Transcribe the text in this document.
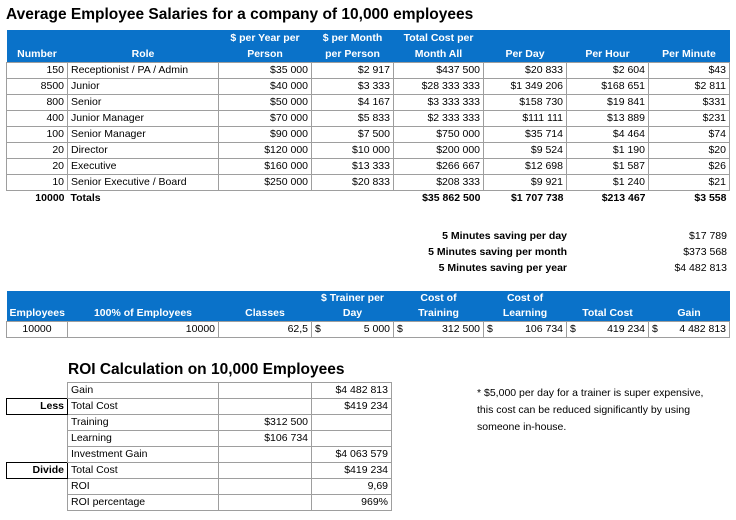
Average Employee Salaries for a company of 10,000 employees
		$ per Year per	$ per Month	Total Cost per			
Number	Role	Person	per Person	Month All	Per Day	Per Hour	Per Minute
150	Receptionist / PA / Admin	$35 000	$2 917	$437 500	$20 833	$2 604	$43
8500	Junior	$40 000	$3 333	$28 333 333	$1 349 206	$168 651	$2 811
800	Senior	$50 000	$4 167	$3 333 333	$158 730	$19 841	$331
400	Junior Manager	$70 000	$5 833	$2 333 333	$111 111	$13 889	$231
100	Senior Manager	$90 000	$7 500	$750 000	$35 714	$4 464	$74
20	Director	$120 000	$10 000	$200 000	$9 524	$1 190	$20
20	Executive	$160 000	$13 333	$266 667	$12 698	$1 587	$26
10	Senior Executive / Board	$250 000	$20 833	$208 333	$9 921	$1 240	$21
10000	Totals			$35 862 500	$1 707 738	$213 467	$3 558
5 Minutes saving per day	$17 789
5 Minutes saving per month	$373 568
5 Minutes saving per year	$4 482 813
			$ Trainer per		Cost of		Cost of					
Employees	100% of Employees	Classes	Day		Training		Learning		Total Cost		Gain	
10000	10000	62,5	$	5 000	$	312 500	$	106 734	$	419 234	$	4 482 813
ROI Calculation on 10,000 Employees
	Gain		$4 482 813
Less	Total Cost		$419 234
	Training	$312 500	
	Learning	$106 734	
	Investment Gain		$4 063 579
Divide	Total Cost		$419 234
	ROI		9,69
	ROI percentage		969%
* $5,000 per day for a trainer is super expensive,
this cost can be reduced significantly by using
someone in-house.
